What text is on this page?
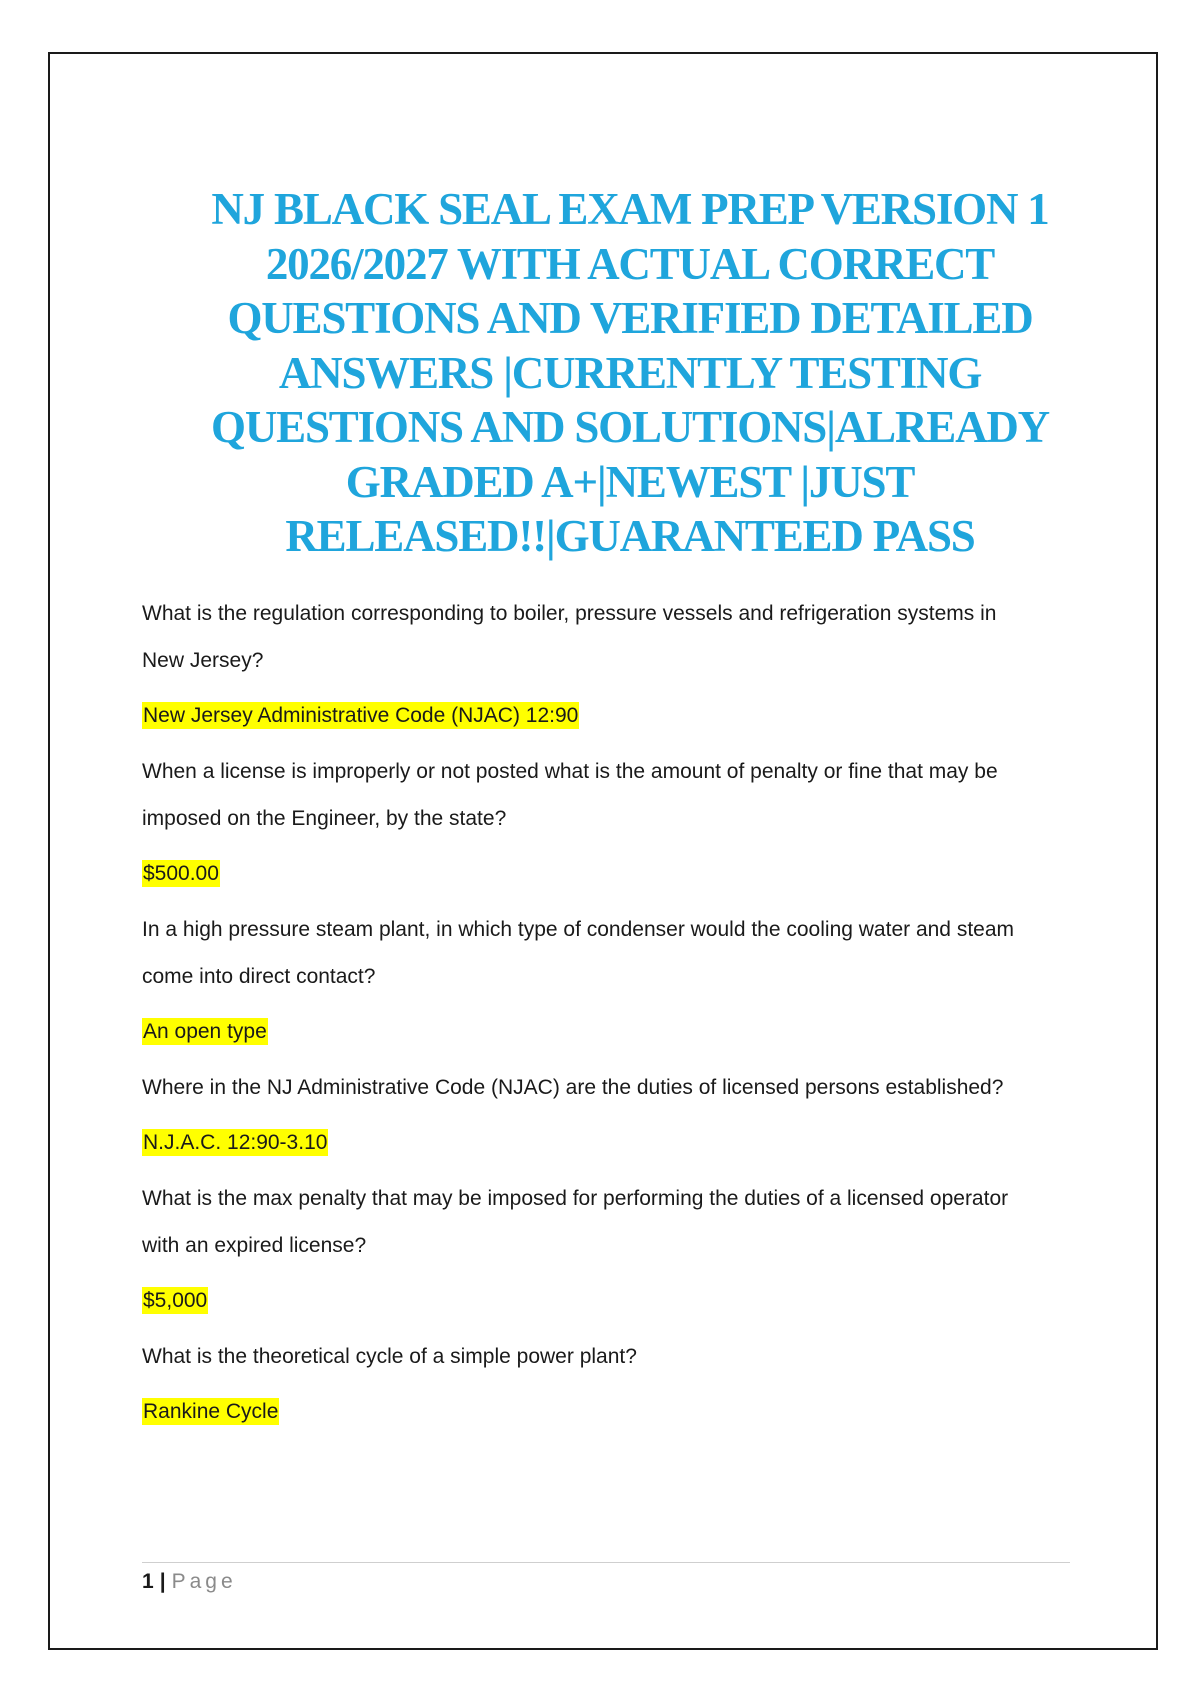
NJ BLACK SEAL EXAM PREP VERSION 1
2026/2027 WITH ACTUAL CORRECT
QUESTIONS AND VERIFIED DETAILED
ANSWERS |CURRENTLY TESTING
QUESTIONS AND SOLUTIONS|ALREADY
GRADED A+|NEWEST |JUST
RELEASED!!|GUARANTEED PASS

What is the regulation corresponding to boiler, pressure vessels and refrigeration systems in
New Jersey?

New Jersey Administrative Code (NJAC) 12:90

When a license is improperly or not posted what is the amount of penalty or fine that may be
imposed on the Engineer, by the state?

$500.00

In a high pressure steam plant, in which type of condenser would the cooling water and steam
come into direct contact?

An open type

Where in the NJ Administrative Code (NJAC) are the duties of licensed persons established?

N.J.A.C. 12:90-3.10

What is the max penalty that may be imposed for performing the duties of a licensed operator
with an expired license?

$5,000

What is the theoretical cycle of a simple power plant?

Rankine Cycle

1 | Page
